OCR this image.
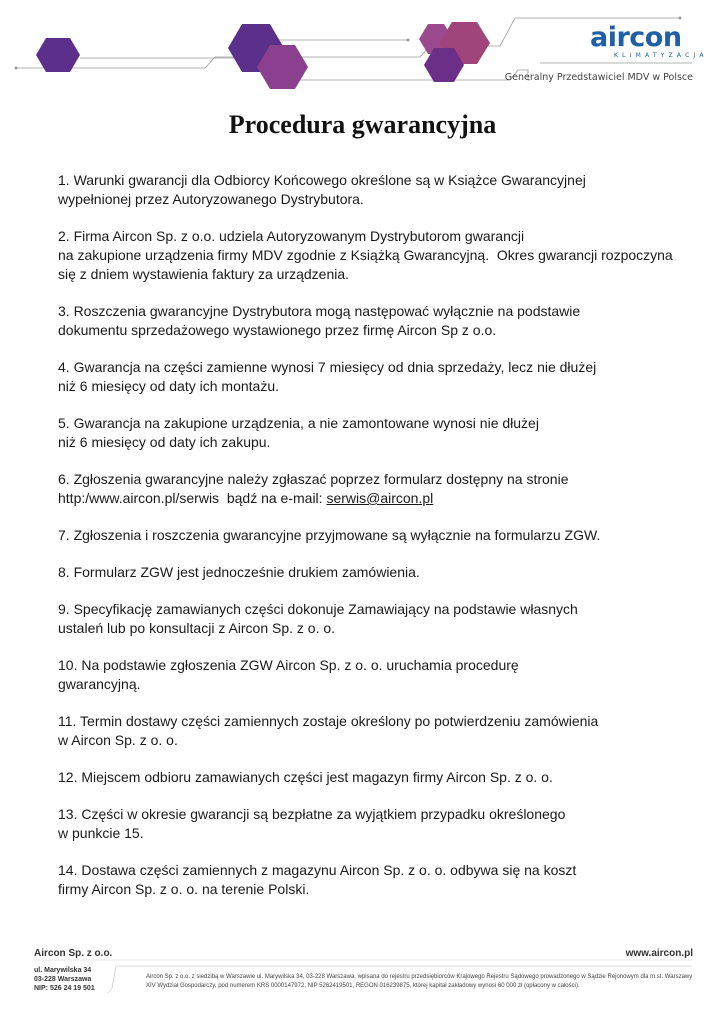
aircon
KLIMATYZACJA
Generalny Przedstawiciel MDV w Polsce
Procedura gwarancyjna

1. Warunki gwarancji dla Odbiorcy Końcowego określone są w Książce Gwarancyjnej
wypełnionej przez Autoryzowanego Dystrybutora.

2. Firma Aircon Sp. z o.o. udziela Autoryzowanym Dystrybutorom gwarancji
na zakupione urządzenia firmy MDV zgodnie z Książką Gwarancyjną.  Okres gwarancji rozpoczyna
się z dniem wystawienia faktury za urządzenia.

3. Roszczenia gwarancyjne Dystrybutora mogą następować wyłącznie na podstawie
dokumentu sprzedażowego wystawionego przez firmę Aircon Sp z o.o.

4. Gwarancja na części zamienne wynosi 7 miesięcy od dnia sprzedaży, lecz nie dłużej
niż 6 miesięcy od daty ich montażu.

5. Gwarancja na zakupione urządzenia, a nie zamontowane wynosi nie dłużej
niż 6 miesięcy od daty ich zakupu.

6. Zgłoszenia gwarancyjne należy zgłaszać poprzez formularz dostępny na stronie
http:/www.aircon.pl/serwis  bądź na e-mail: serwis@aircon.pl

7. Zgłoszenia i roszczenia gwarancyjne przyjmowane są wyłącznie na formularzu ZGW.

8. Formularz ZGW jest jednocześnie drukiem zamówienia.

9. Specyfikację zamawianych części dokonuje Zamawiający na podstawie własnych
ustaleń lub po konsultacji z Aircon Sp. z o. o.

10. Na podstawie zgłoszenia ZGW Aircon Sp. z o. o. uruchamia procedurę
gwarancyjną.

11. Termin dostawy części zamiennych zostaje określony po potwierdzeniu zamówienia
w Aircon Sp. z o. o.

12. Miejscem odbioru zamawianych części jest magazyn firmy Aircon Sp. z o. o.

13. Części w okresie gwarancji są bezpłatne za wyjątkiem przypadku określonego
w punkcie 15.

14. Dostawa części zamiennych z magazynu Aircon Sp. z o. o. odbywa się na koszt
firmy Aircon Sp. z o. o. na terenie Polski.

Aircon Sp. z o.o.	www.aircon.pl
ul. Marywilska 34
03-228 Warszawa
NIP: 526 24 19 501
Aircon Sp. z o.o. z siedzibą w Warszawie ul. Marywilska 34, 03-228 Warszawa, wpisana do rejestru przedsiębiorców Krajowego Rejestru Sądowego prowadzonego w Sądzie Rejonowym dla m.st. Warszawy XIV Wydział Gospodarczy, pod numerem KRS 0000147972, NIP 5262419501, REGON 016239875, której kapitał zakładowy wynosi 60 000 zł (opłacony w całości).
